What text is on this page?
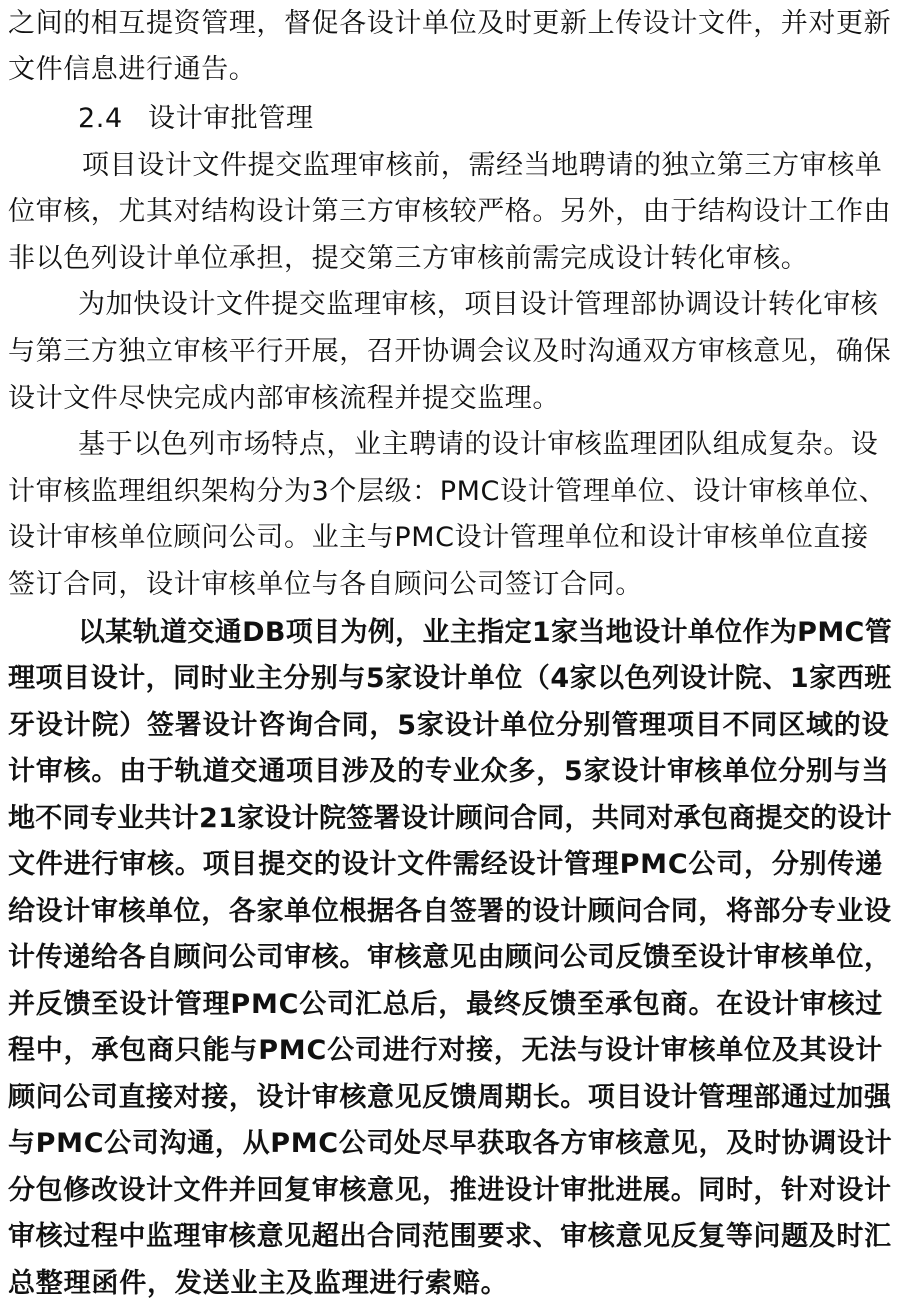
之间的相互提资管理，督促各设计单位及时更新上传设计文件，并对更新
文件信息进行通告。
2.4 设计审批管理
项目设计文件提交监理审核前，需经当地聘请的独立第三方审核单
位审核，尤其对结构设计第三方审核较严格。另外，由于结构设计工作由
非以色列设计单位承担，提交第三方审核前需完成设计转化审核。
为加快设计文件提交监理审核，项目设计管理部协调设计转化审核
与第三方独立审核平行开展，召开协调会议及时沟通双方审核意见，确保
设计文件尽快完成内部审核流程并提交监理。
基于以色列市场特点，业主聘请的设计审核监理团队组成复杂。设
计审核监理组织架构分为3个层级：PMC设计管理单位、设计审核单位、
设计审核单位顾问公司。业主与PMC设计管理单位和设计审核单位直接
签订合同，设计审核单位与各自顾问公司签订合同。
以某轨道交通DB项目为例，业主指定1家当地设计单位作为PMC管
理项目设计，同时业主分别与5家设计单位（4家以色列设计院、1家西班
牙设计院）签署设计咨询合同，5家设计单位分别管理项目不同区域的设
计审核。由于轨道交通项目涉及的专业众多，5家设计审核单位分别与当
地不同专业共计21家设计院签署设计顾问合同，共同对承包商提交的设计
文件进行审核。项目提交的设计文件需经设计管理PMC公司，分别传递
给设计审核单位，各家单位根据各自签署的设计顾问合同，将部分专业设
计传递给各自顾问公司审核。审核意见由顾问公司反馈至设计审核单位，
并反馈至设计管理PMC公司汇总后，最终反馈至承包商。在设计审核过
程中，承包商只能与PMC公司进行对接，无法与设计审核单位及其设计
顾问公司直接对接，设计审核意见反馈周期长。项目设计管理部通过加强
与PMC公司沟通，从PMC公司处尽早获取各方审核意见，及时协调设计
分包修改设计文件并回复审核意见，推进设计审批进展。同时，针对设计
审核过程中监理审核意见超出合同范围要求、审核意见反复等问题及时汇
总整理函件，发送业主及监理进行索赔。
